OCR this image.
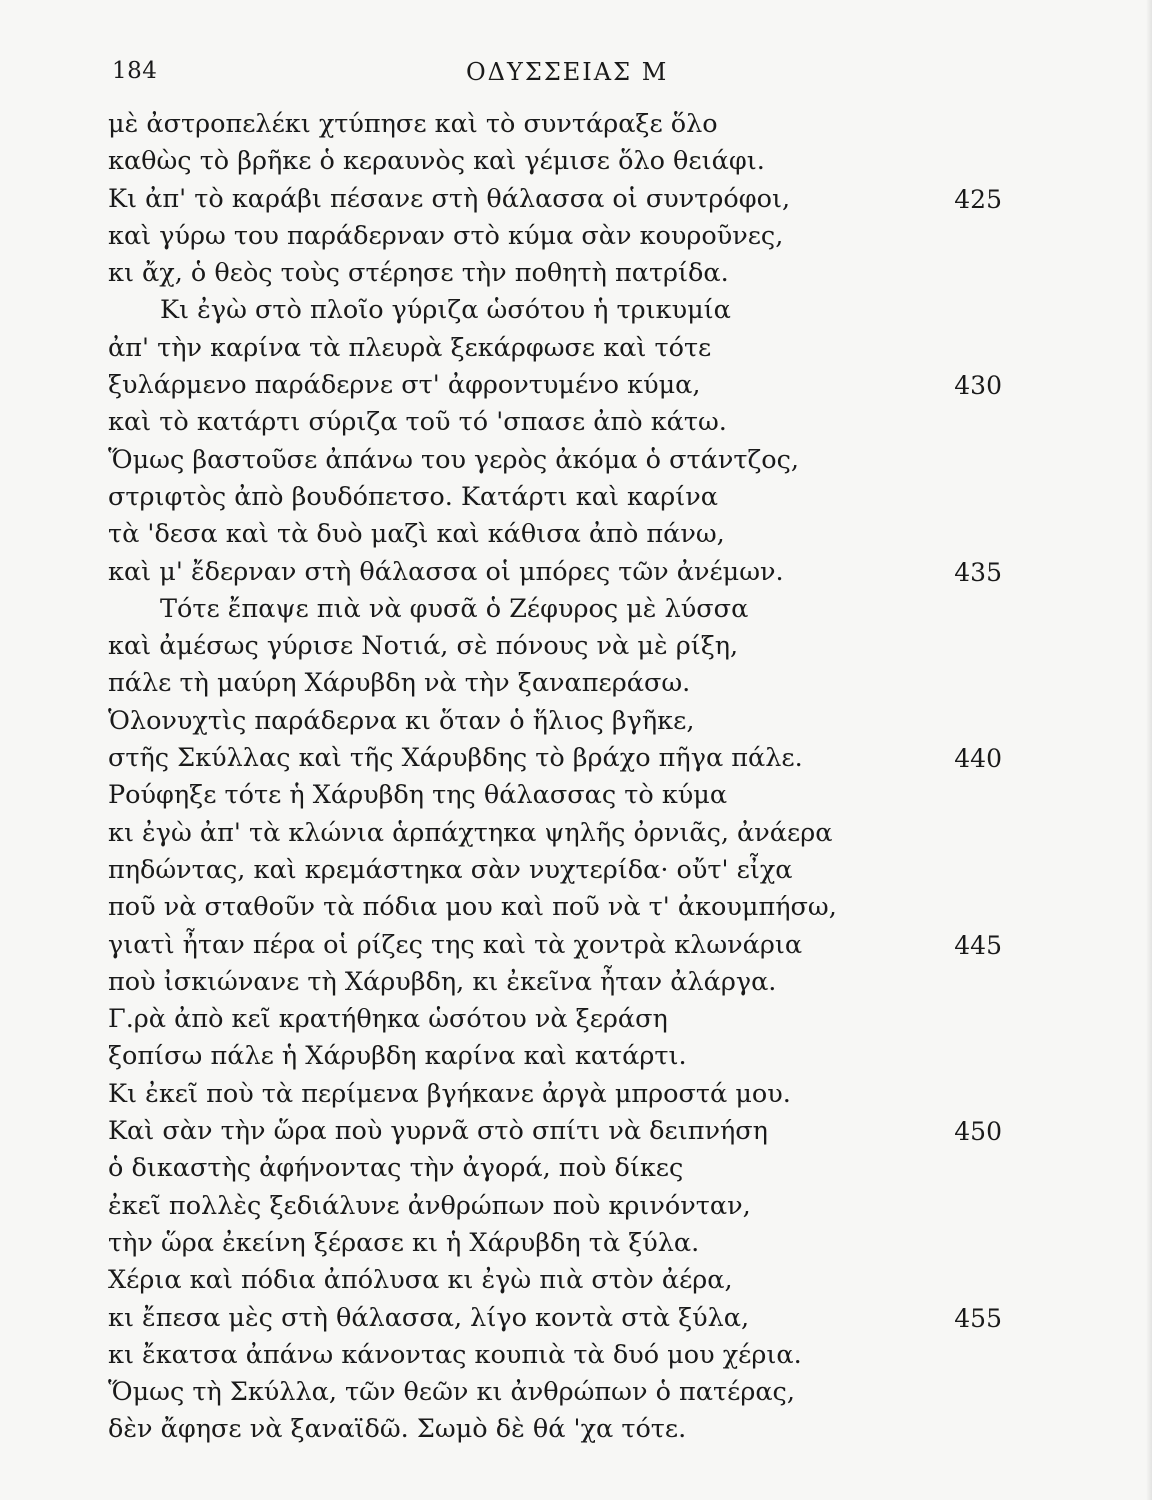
184	ΟΔΥΣΣΕΙΑΣ Μ
μὲ ἀστροπελέκι χτύπησε καὶ τὸ συντάραξε ὅλο
καθὼς τὸ βρῆκε ὁ κεραυνὸς καὶ γέμισε ὅλο θειάφι.
Κι ἀπ' τὸ καράβι πέσανε στὴ θάλασσα οἱ συντρόφοι,	425
καὶ γύρω του παράδερναν στὸ κύμα σὰν κουροῦνες,
κι ἄχ, ὁ θεὸς τοὺς στέρησε τὴν ποθητὴ πατρίδα.
Κι ἐγὼ στὸ πλοῖο γύριζα ὡσότου ἡ τρικυμία
ἀπ' τὴν καρίνα τὰ πλευρὰ ξεκάρφωσε καὶ τότε
ξυλάρμενο παράδερνε στ' ἀφροντυμένο κύμα,	430
καὶ τὸ κατάρτι σύριζα τοῦ τό 'σπασε ἀπὸ κάτω.
Ὅμως βαστοῦσε ἀπάνω του γερὸς ἀκόμα ὁ στάντζος,
στριφτὸς ἀπὸ βουδόπετσο. Κατάρτι καὶ καρίνα
τὰ 'δεσα καὶ τὰ δυὸ μαζὶ καὶ κάθισα ἀπὸ πάνω,
καὶ μ' ἔδερναν στὴ θάλασσα οἱ μπόρες τῶν ἀνέμων.	435
Τότε ἔπαψε πιὰ νὰ φυσᾶ ὁ Ζέφυρος μὲ λύσσα
καὶ ἀμέσως γύρισε Νοτιά, σὲ πόνους νὰ μὲ ρίξη,
πάλε τὴ μαύρη Χάρυβδη νὰ τὴν ξαναπεράσω.
Ὁλονυχτὶς παράδερνα κι ὅταν ὁ ἥλιος βγῆκε,
στῆς Σκύλλας καὶ τῆς Χάρυβδης τὸ βράχο πῆγα πάλε.	440
Ρούφηξε τότε ἡ Χάρυβδη της θάλασσας τὸ κύμα
κι ἐγὼ ἀπ' τὰ κλώνια ἁρπάχτηκα ψηλῆς ὀρνιᾶς, ἀνάερα
πηδώντας, καὶ κρεμάστηκα σὰν νυχτερίδα· οὔτ' εἶχα
ποῦ νὰ σταθοῦν τὰ πόδια μου καὶ ποῦ νὰ τ' ἀκουμπήσω,
γιατὶ ἦταν πέρα οἱ ρίζες της καὶ τὰ χοντρὰ κλωνάρια	445
ποὺ ἰσκιώνανε τὴ Χάρυβδη, κι ἐκεῖνα ἦταν ἀλάργα.
Γ.ρὰ ἀπὸ κεῖ κρατήθηκα ὡσότου νὰ ξεράση
ξοπίσω πάλε ἡ Χάρυβδη καρίνα καὶ κατάρτι.
Κι ἐκεῖ ποὺ τὰ περίμενα βγήκανε ἀργὰ μπροστά μου.
Καὶ σὰν τὴν ὥρα ποὺ γυρνᾶ στὸ σπίτι νὰ δειπνήση	450
ὁ δικαστὴς ἀφήνοντας τὴν ἀγορά, ποὺ δίκες
ἐκεῖ πολλὲς ξεδιάλυνε ἀνθρώπων ποὺ κρινόνταν,
τὴν ὥρα ἐκείνη ξέρασε κι ἡ Χάρυβδη τὰ ξύλα.
Χέρια καὶ πόδια ἀπόλυσα κι ἐγὼ πιὰ στὸν ἀέρα,
κι ἔπεσα μὲς στὴ θάλασσα, λίγο κοντὰ στὰ ξύλα,	455
κι ἔκατσα ἀπάνω κάνοντας κουπιὰ τὰ δυό μου χέρια.
Ὅμως τὴ Σκύλλα, τῶν θεῶν κι ἀνθρώπων ὁ πατέρας,
δὲν ἄφησε νὰ ξαναϊδῶ. Σωμὸ δὲ θά 'χα τότε.
